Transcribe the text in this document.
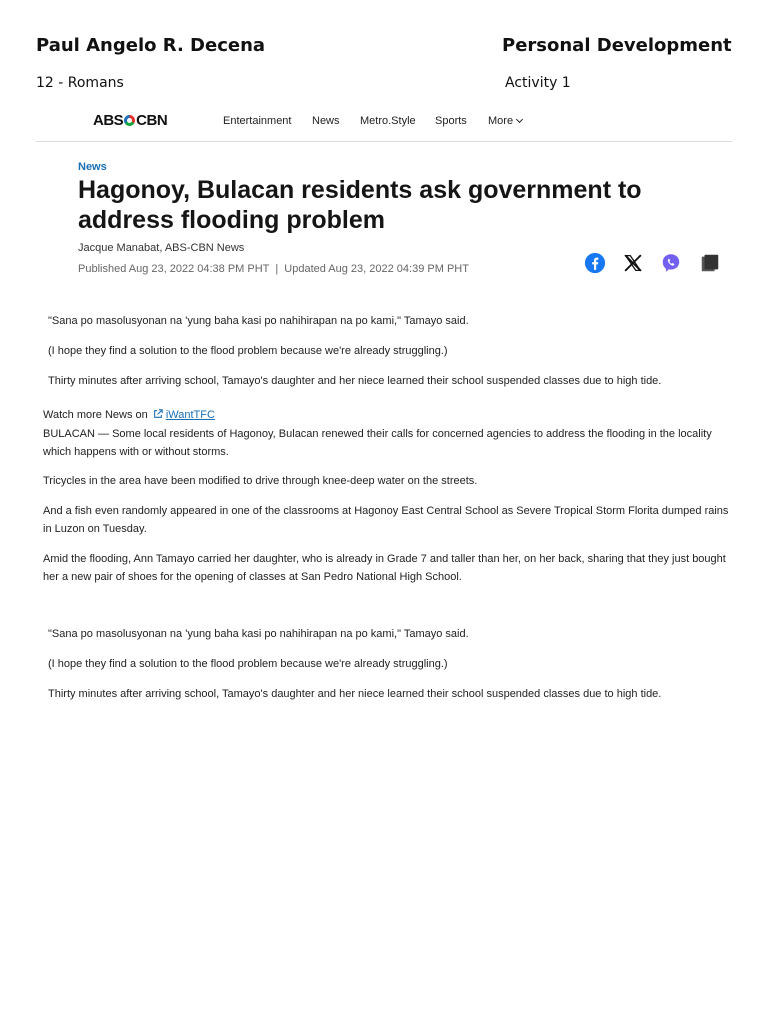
Paul Angelo R. Decena	Personal Development
12 - Romans	Activity 1
ABS CBN	Entertainment News Metro.Style Sports More
News
Hagonoy, Bulacan residents ask government to address flooding problem
Jacque Manabat, ABS-CBN News
Published Aug 23, 2022 04:38 PM PHT | Updated Aug 23, 2022 04:39 PM PHT

"Sana po masolusyonan na 'yung baha kasi po nahihirapan na po kami," Tamayo said.

(I hope they find a solution to the flood problem because we're already struggling.)

Thirty minutes after arriving school, Tamayo's daughter and her niece learned their school suspended classes due to high tide.

Watch more News on iWantTFC

BULACAN — Some local residents of Hagonoy, Bulacan renewed their calls for concerned agencies to address the flooding in the locality which happens with or without storms.

Tricycles in the area have been modified to drive through knee-deep water on the streets.

And a fish even randomly appeared in one of the classrooms at Hagonoy East Central School as Severe Tropical Storm Florita dumped rains in Luzon on Tuesday.

Amid the flooding, Ann Tamayo carried her daughter, who is already in Grade 7 and taller than her, on her back, sharing that they just bought her a new pair of shoes for the opening of classes at San Pedro National High School.

"Sana po masolusyonan na 'yung baha kasi po nahihirapan na po kami," Tamayo said.

(I hope they find a solution to the flood problem because we're already struggling.)

Thirty minutes after arriving school, Tamayo's daughter and her niece learned their school suspended classes due to high tide.
